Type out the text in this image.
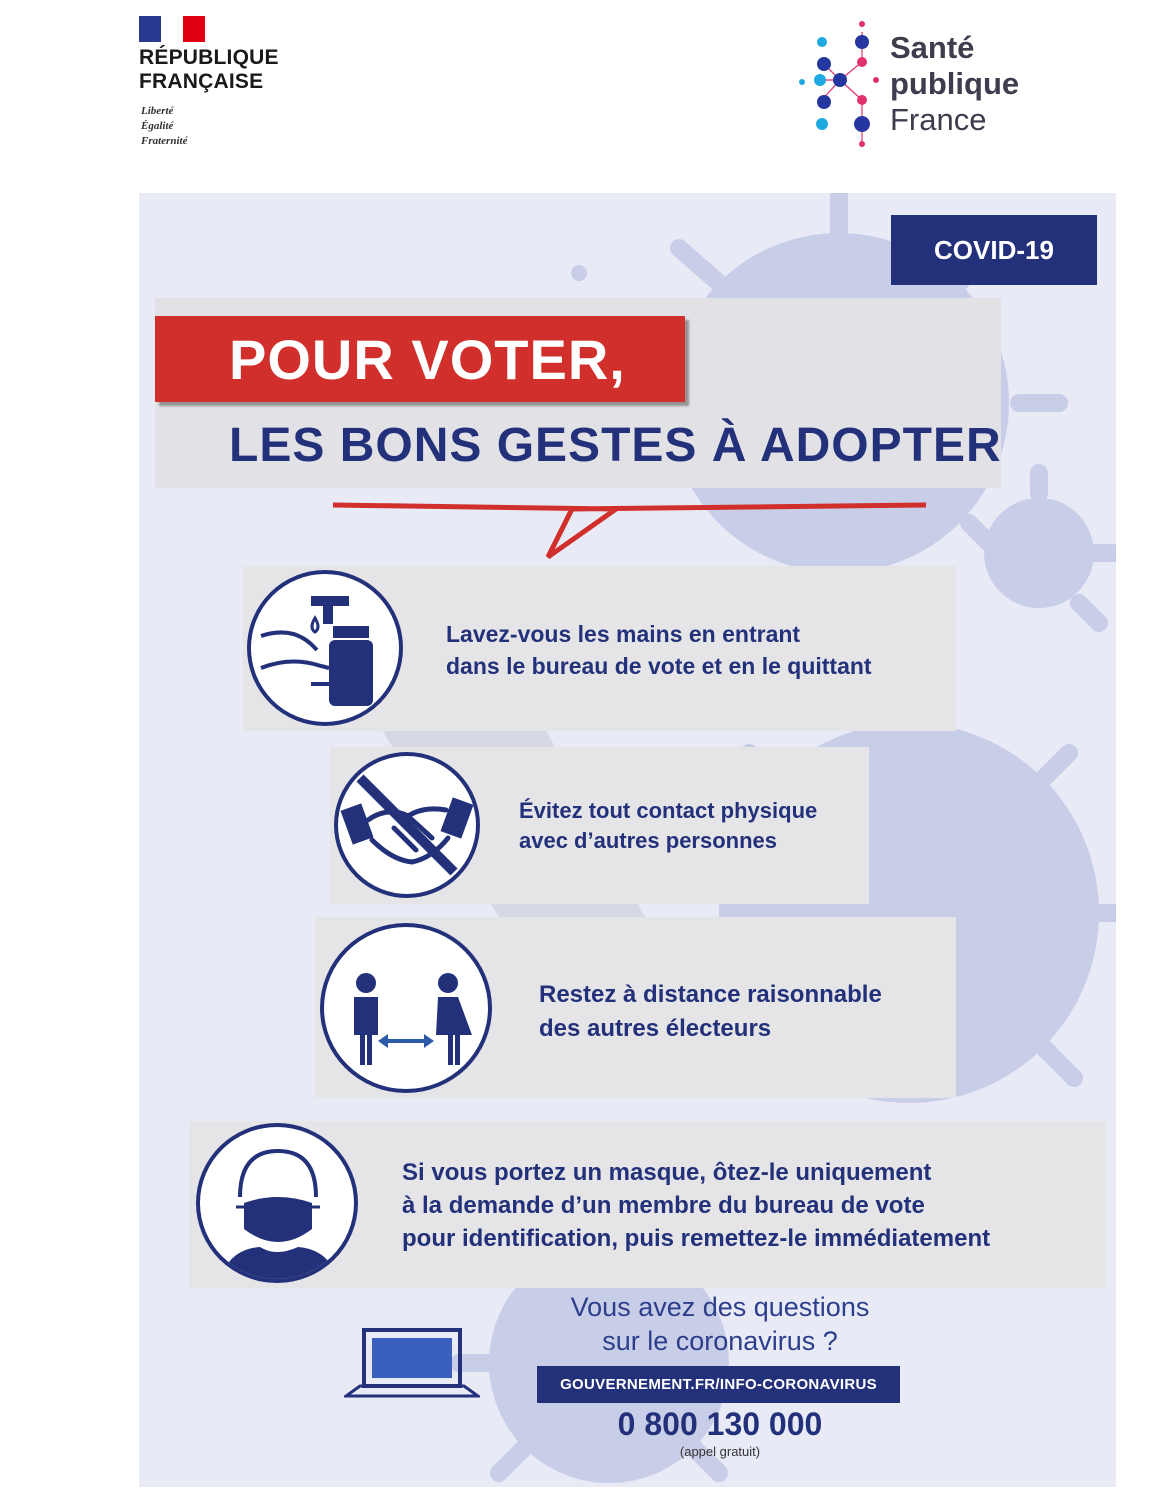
RÉPUBLIQUE
FRANÇAISE
Liberté
Égalité
Fraternité
Santé
publique
France
COVID-19
POUR VOTER,
LES BONS GESTES À ADOPTER
Lavez-vous les mains en entrant
dans le bureau de vote et en le quittant
Évitez tout contact physique
avec d’autres personnes
Restez à distance raisonnable
des autres électeurs
Si vous portez un masque, ôtez-le uniquement
à la demande d’un membre du bureau de vote
pour identification, puis remettez-le immédiatement
Vous avez des questions
sur le coronavirus ?
GOUVERNEMENT.FR/INFO-CORONAVIRUS
0 800 130 000
(appel gratuit)
